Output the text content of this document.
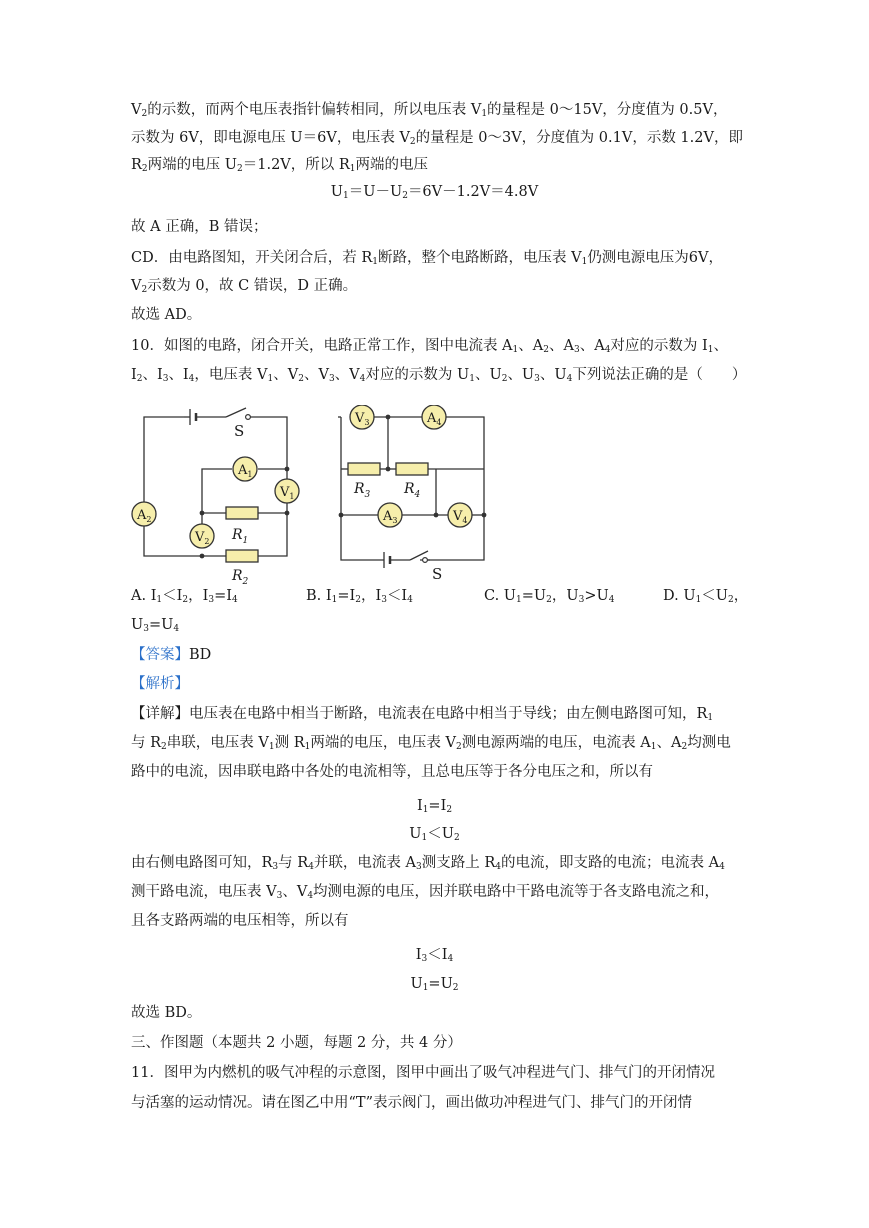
$V_2$的示数，而两个电压表指针偏转相同，所以电压表 $V_1$的量程是 0～15V，分度值为 0.5V，
示数为 6V，即电源电压 U＝6V，电压表 $V_2$的量程是 0～3V，分度值为 0.1V，示数 1.2V，即
$R_2$两端的电压 $U_2=1.2V$，所以 $R_1$两端的电压
$U_1=U-U_2=6V-1.2V=4.8V$
故 A 正确，B 错误；
CD．由电路图知，开关闭合后，若 $R_1$断路，整个电路断路，电压表 $V_1$仍测电源电压为6V，
$V_2$示数为 0，故 C 错误，D 正确。
故选 AD。
10．如图的电路，闭合开关，电路正常工作，图中电流表 $A_1$、$A_2$、$A_3$、$A_4$对应的示数为 $I_1$、
$I_2$、$I_3$、$I_4$，电压表 $V_1$、$V_2$、$V_3$、$V_4$对应的示数为 $U_1$、$U_2$、$U_3$、$U_4$下列说法正确的是（　　）
A. $I_1<I_2$，$I_3=I_4$	B. $I_1=I_2$，$I_3<I_4$	C. $U_1=U_2$，$U_3>U_4$	D. $U_1<U_2$，
$U_3=U_4$
【答案】 BD
【解析】
【详解】电压表在电路中相当于断路，电流表在电路中相当于导线；由左侧电路图可知，$R_1$
与 $R_2$串联，电压表 $V_1$测 $R_1$两端的电压，电压表 $V_2$测电源两端的电压，电流表 $A_1$、$A_2$均测电
路中的电流，因串联电路中各处的电流相等，且总电压等于各分电压之和，所以有
$I_1=I_2$
$U_1<U_2$
由右侧电路图可知，$R_3$与 $R_4$并联，电流表 $A_3$测支路上 $R_4$的电流，即支路的电流；电流表 $A_4$
测干路电流，电压表 $V_3$、$V_4$均测电源的电压，因并联电路中干路电流等于各支路电流之和，
且各支路两端的电压相等，所以有
$I_3<I_4$
$U_1=U_2$
故选 BD。
三、作图题（本题共 2 小题，每题 2 分，共 4 分）
11．图甲为内燃机的吸气冲程的示意图，图甲中画出了吸气冲程进气门、排气门的开闭情况
与活塞的运动情况。请在图乙中用“T”表示阀门，画出做功冲程进气门、排气门的开闭情
S
$R_1$
$R_2$
$A_1$
$V_1$
$A_2$
$V_2$
S
$R_3$ $R_4$
$V_3$	$A_4$
$A_3$	$V_4$
